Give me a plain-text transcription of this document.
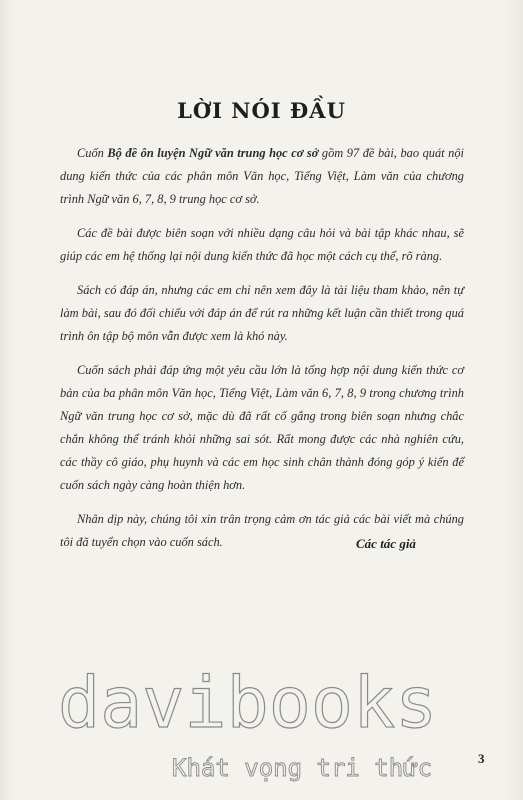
LỜI NÓI ĐẦU

Cuốn Bộ đề ôn luyện Ngữ văn trung học cơ sở gồm 97 đề bài, bao quát nội dung kiến thức của các phân môn Văn học, Tiếng Việt, Làm văn của chương trình Ngữ văn 6, 7, 8, 9 trung học cơ sở.

Các đề bài được biên soạn với nhiều dạng câu hỏi và bài tập khác nhau, sẽ giúp các em hệ thống lại nội dung kiến thức đã học một cách cụ thể, rõ ràng.

Sách có đáp án, nhưng các em chỉ nên xem đây là tài liệu tham khảo, nên tự làm bài, sau đó đối chiếu với đáp án để rút ra những kết luận cần thiết trong quá trình ôn tập bộ môn vẫn được xem là khó này.

Cuốn sách phải đáp ứng một yêu cầu lớn là tổng hợp nội dung kiến thức cơ bản của ba phân môn Văn học, Tiếng Việt, Làm văn 6, 7, 8, 9 trong chương trình Ngữ văn trung học cơ sở, mặc dù đã rất cố gắng trong biên soạn nhưng chắc chắn không thể tránh khỏi những sai sót. Rất mong được các nhà nghiên cứu, các thầy cô giáo, phụ huynh và các em học sinh chân thành đóng góp ý kiến để cuốn sách ngày càng hoàn thiện hơn.

Nhân dịp này, chúng tôi xin trân trọng cảm ơn tác giả các bài viết mà chúng tôi đã tuyển chọn vào cuốn sách.	Các tác giả
davibooks
Khát vọng tri thức	3
